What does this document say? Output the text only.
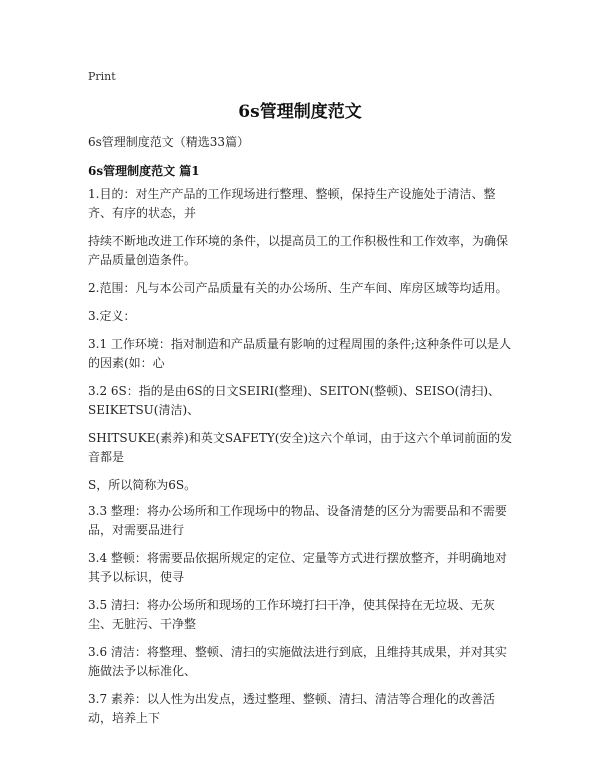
Print
6s管理制度范文
6s管理制度范文（精选33篇）
6s管理制度范文 篇1

1.目的：对生产产品的工作现场进行整理、整顿，保持生产设施处于清洁、整齐、有序的状态，并

持续不断地改进工作环境的条件，以提高员工的工作积极性和工作效率，为确保产品质量创造条件。

2.范围：凡与本公司产品质量有关的办公场所、生产车间、库房区域等均适用。

3.定义：

3.1 工作环境：指对制造和产品质量有影响的过程周围的条件;这种条件可以是人的因素(如：心

3.2 6S：指的是由6S的日文SEIRI(整理)、SEITON(整顿)、SEISO(清扫)、SEIKETSU(清洁)、

SHITSUKE(素养)和英文SAFETY(安全)这六个单词，由于这六个单词前面的发音都是

S，所以简称为6S。

3.3 整理：将办公场所和工作现场中的物品、设备清楚的区分为需要品和不需要品，对需要品进行

3.4 整顿：将需要品依据所规定的定位、定量等方式进行摆放整齐，并明确地对其予以标识，使寻

3.5 清扫：将办公场所和现场的工作环境打扫干净，使其保持在无垃圾、无灰尘、无脏污、干净整

3.6 清洁：将整理、整顿、清扫的实施做法进行到底，且维持其成果，并对其实施做法予以标准化、

3.7 素养：以人性为出发点，透过整理、整顿、清扫、清洁等合理化的改善活动，培养上下
